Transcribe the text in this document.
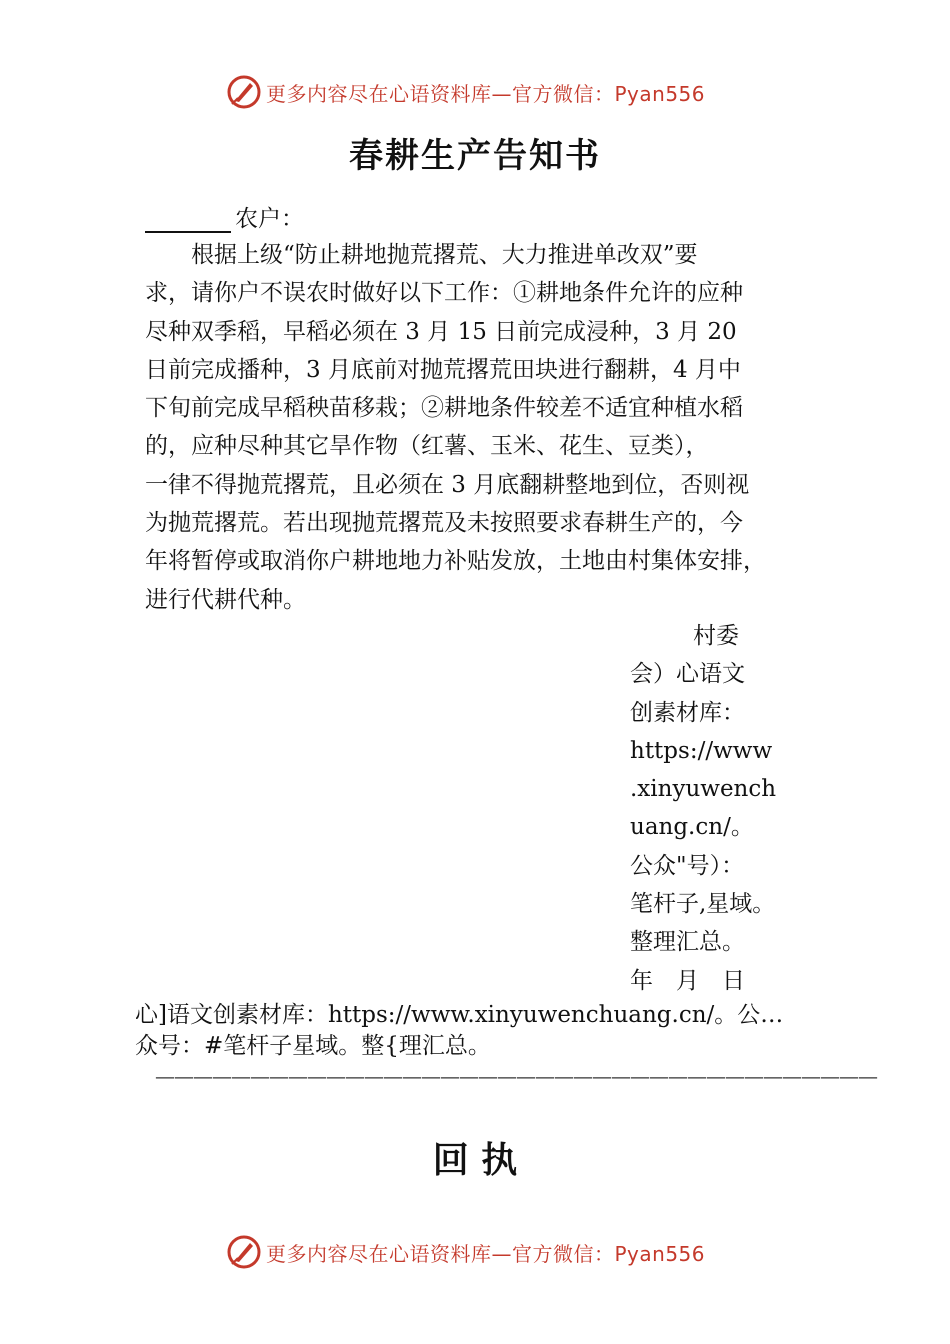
更多内容尽在心语资料库—官方微信：Pyan556
春耕生产告知书
农户：
　　根据上级“防止耕地抛荒撂荒、大力推进单改双”要
求，请你户不误农时做好以下工作：①耕地条件允许的应种
尽种双季稻，早稻必须在 3 月 15 日前完成浸种，3 月 20
日前完成播种，3 月底前对抛荒撂荒田块进行翻耕，4 月中
下旬前完成早稻秧苗移栽；②耕地条件较差不适宜种植水稻
的，应种尽种其它旱作物（红薯、玉米、花生、豆类），
一律不得抛荒撂荒，且必须在 3 月底翻耕整地到位，否则视
为抛荒撂荒。若出现抛荒撂荒及未按照要求春耕生产的，今
年将暂停或取消你户耕地地力补贴发放，土地由村集体安排，
进行代耕代种。
村委
会）心语文
创素材库：
https://www
.xinyuwench
uang.cn/。
公众"号）：
笔杆子,星域。
整理汇总。
年　月　日
心]语文创素材库：https://www.xinyuwenchuang.cn/。公…
众号：#笔杆子星域。整{理汇总。
——————————————————————————————————————
回 执
更多内容尽在心语资料库—官方微信：Pyan556
